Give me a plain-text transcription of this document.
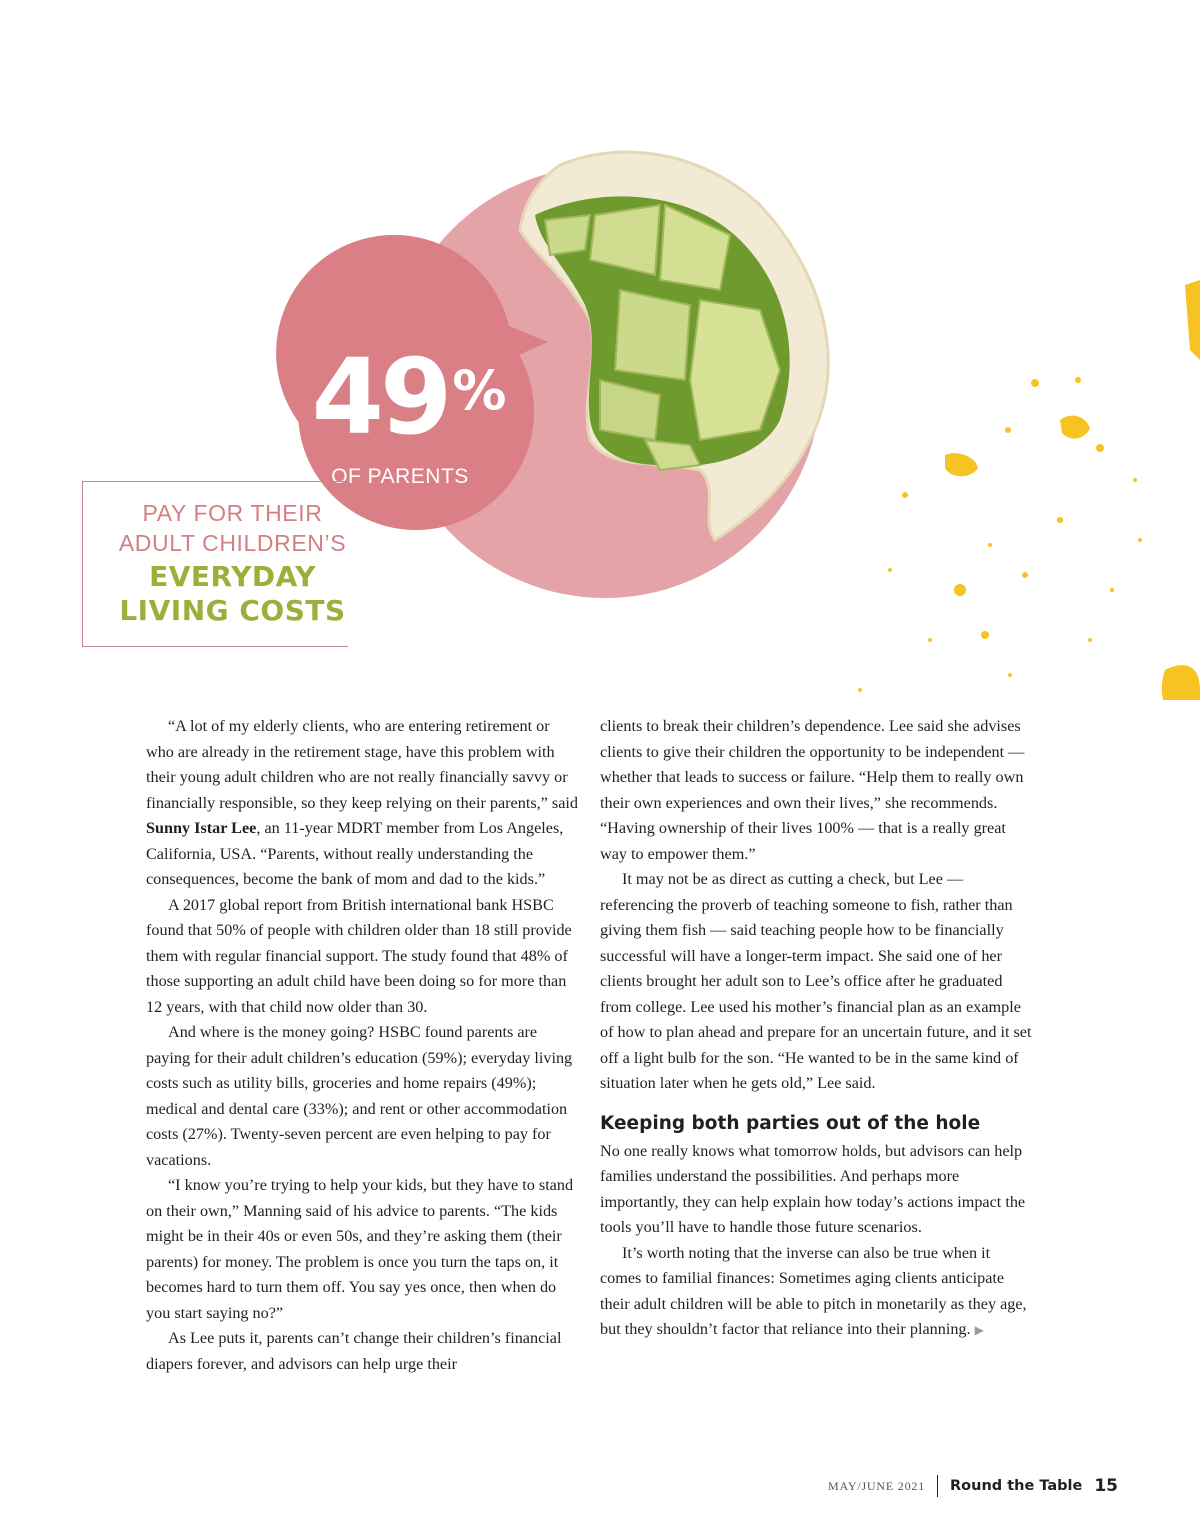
49%
OF PARENTS
PAY FOR THEIR
ADULT CHILDREN’S
EVERYDAY
LIVING COSTS

“A lot of my elderly clients, who are entering retirement or who are already in the retirement stage, have this problem with their young adult children who are not really financially savvy or financially responsible, so they keep relying on their parents,” said Sunny Istar Lee, an 11-year MDRT member from Los Angeles, California, USA. “Parents, without really understanding the consequences, become the bank of mom and dad to the kids.”

A 2017 global report from British international bank HSBC found that 50% of people with children older than 18 still provide them with regular financial support. The study found that 48% of those supporting an adult child have been doing so for more than 12 years, with that child now older than 30.

And where is the money going? HSBC found parents are paying for their adult children’s education (59%); everyday living costs such as utility bills, groceries and home repairs (49%); medical and dental care (33%); and rent or other accommodation costs (27%). Twenty-seven percent are even helping to pay for vacations.

“I know you’re trying to help your kids, but they have to stand on their own,” Manning said of his advice to parents. “The kids might be in their 40s or even 50s, and they’re asking them (their parents) for money. The problem is once you turn the taps on, it becomes hard to turn them off. You say yes once, then when do you start saying no?”

As Lee puts it, parents can’t change their children’s financial diapers forever, and advisors can help urge their

clients to break their children’s dependence. Lee said she advises clients to give their children the opportunity to be independent — whether that leads to success or failure. “Help them to really own their own experiences and own their lives,” she recommends. “Having ownership of their lives 100% — that is a really great way to empower them.”

It may not be as direct as cutting a check, but Lee — referencing the proverb of teaching someone to fish, rather than giving them fish — said teaching people how to be financially successful will have a longer-term impact. She said one of her clients brought her adult son to Lee’s office after he graduated from college. Lee used his mother’s financial plan as an example of how to plan ahead and prepare for an uncertain future, and it set off a light bulb for the son. “He wanted to be in the same kind of situation later when he gets old,” Lee said.

Keeping both parties out of the hole

No one really knows what tomorrow holds, but advisors can help families understand the possibilities. And perhaps more importantly, they can help explain how today’s actions impact the tools you’ll have to handle those future scenarios.

It’s worth noting that the inverse can also be true when it comes to familial finances: Sometimes aging clients anticipate their adult children will be able to pitch in monetarily as they age, but they shouldn’t factor that reliance into their planning. ▶

MAY/JUNE 2021 Round the Table 15
